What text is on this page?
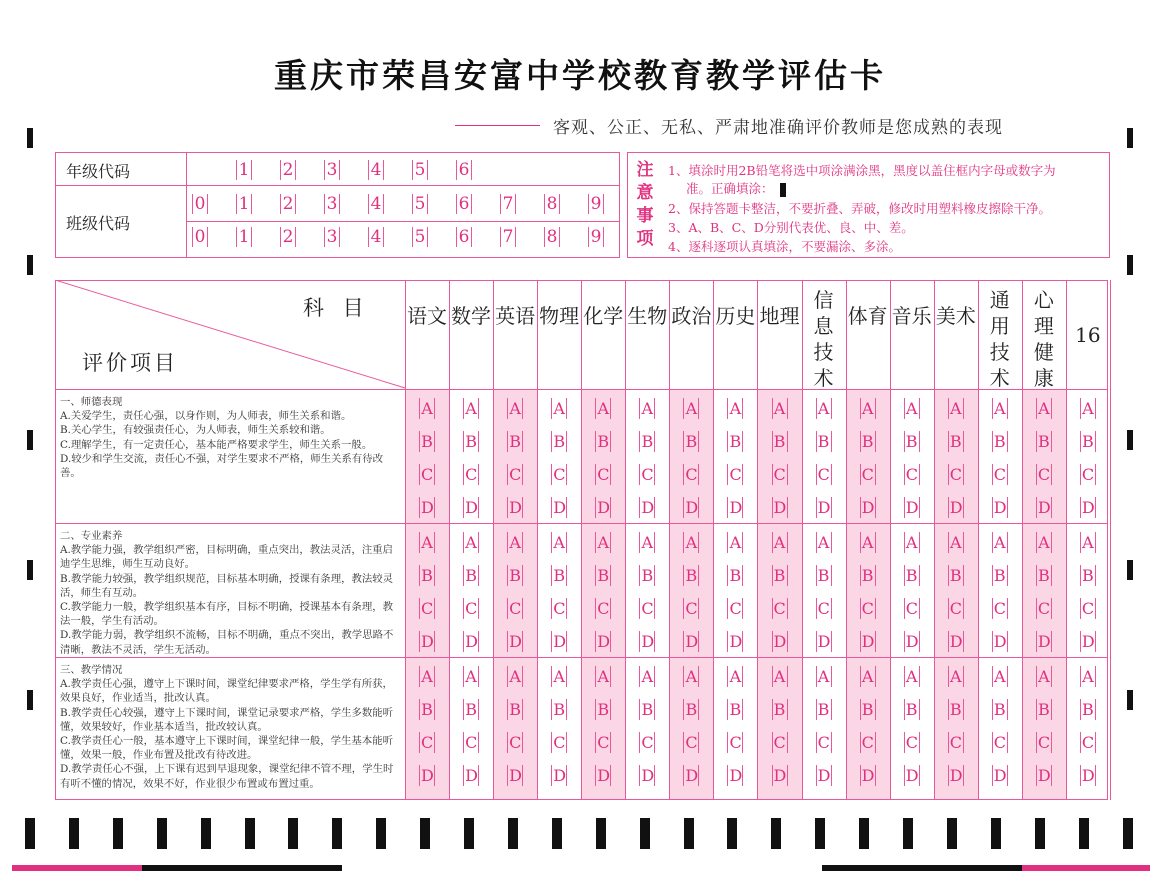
重庆市荣昌安富中学校教育教学评估卡
客观、公正、无私、严肃地准确评价教师是您成熟的表现
年级代码
班级代码
1 2 3 4 5 6
0 1 2 3 4 5 6 7 8 9
0 1 2 3 4 5 6 7 8 9
注意事项
1、填涂时用2B铅笔将选中项涂满涂黑，黑度以盖住框内字母或数字为
准。正确填涂：
2、保持答题卡整洁，不要折叠、弄破，修改时用塑料橡皮擦除干净。
3、A、B、C、D分别代表优、良、中、差。
4、逐科逐项认真填涂，不要漏涂、多涂。
科 目
评价项目
语文 数学 英语 物理 化学 生物 政治 历史 地理
信息技术
体育 音乐 美术
通用技术
心理健康
16
一、师德表现
A.关爱学生，责任心强，以身作则，为人师表，师生关系和谐。
B.关心学生，有较强责任心，为人师表，师生关系较和谐。
C.理解学生，有一定责任心，基本能严格要求学生，师生关系一般。
D.较少和学生交流，责任心不强，对学生要求不严格，师生关系有待改善。
二、专业素养
A.教学能力强，教学组织严密，目标明确，重点突出，教法灵活，注重启迪学生思维，师生互动良好。
B.教学能力较强，教学组织规范，目标基本明确，授课有条理，教法较灵活，师生有互动。
C.教学能力一般，教学组织基本有序，目标不明确，授课基本有条理，教法一般，学生有活动。
D.教学能力弱，教学组织不流畅，目标不明确，重点不突出，教学思路不清晰，教法不灵活，学生无活动。
三、教学情况
A.教学责任心强，遵守上下课时间，课堂纪律要求严格，学生学有所获，效果良好，作业适当，批改认真。
B.教学责任心较强，遵守上下课时间，课堂记录要求严格，学生多数能听懂，效果较好，作业基本适当，批改较认真。
C.教学责任心一般，基本遵守上下课时间，课堂纪律一般，学生基本能听懂，效果一般，作业布置及批改有待改进。
D.教学责任心不强，上下课有迟到早退现象，课堂纪律不管不理，学生时有听不懂的情况，效果不好，作业很少布置或布置过重。
A A A A A A A A A A A A A A A A
B B B B B B B B B B B B B B B B
C C C C C C C C C C C C C C C C
D D D D D D D D D D D D D D D D
A A A A A A A A A A A A A A A A
B B B B B B B B B B B B B B B B
C C C C C C C C C C C C C C C C
D D D D D D D D D D D D D D D D
A A A A A A A A A A A A A A A A
B B B B B B B B B B B B B B B B
C C C C C C C C C C C C C C C C
D D D D D D D D D D D D D D D D
